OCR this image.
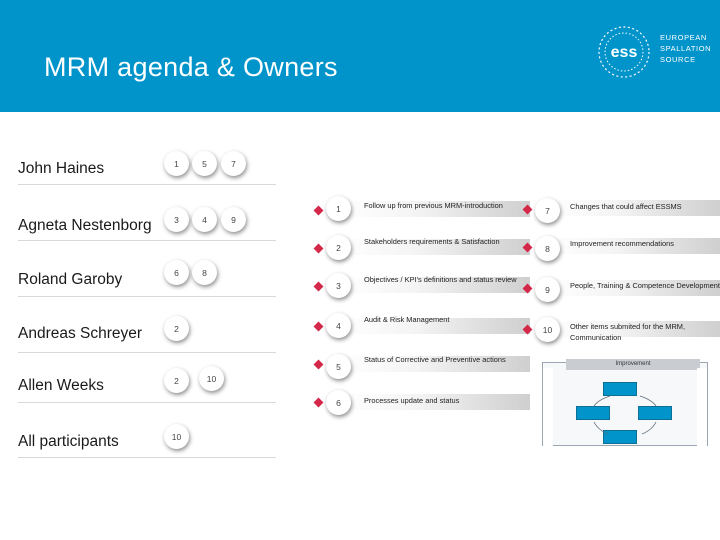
MRM agenda & Owners	ess
EUROPEAN
SPALLATION
SOURCE
John Haines	1	5	7
Agneta Nestenborg	3	4	9
Roland Garoby	6	8
Andreas Schreyer	2
Allen Weeks	2	10
All participants	10
1	Follow up from previous MRM-introduction
2
Stakeholders requirements & Satisfaction
3
Objectives / KPI's definitions and status review
4
Audit & Risk Management
5
Status of Corrective and Preventive actions
6	Processes update and status
7	Changes that could affect ESSMS
8	Improvement recommendations
9	People, Training & Competence Development
10	Other items submited for the MRM,
Communication
Improvement
